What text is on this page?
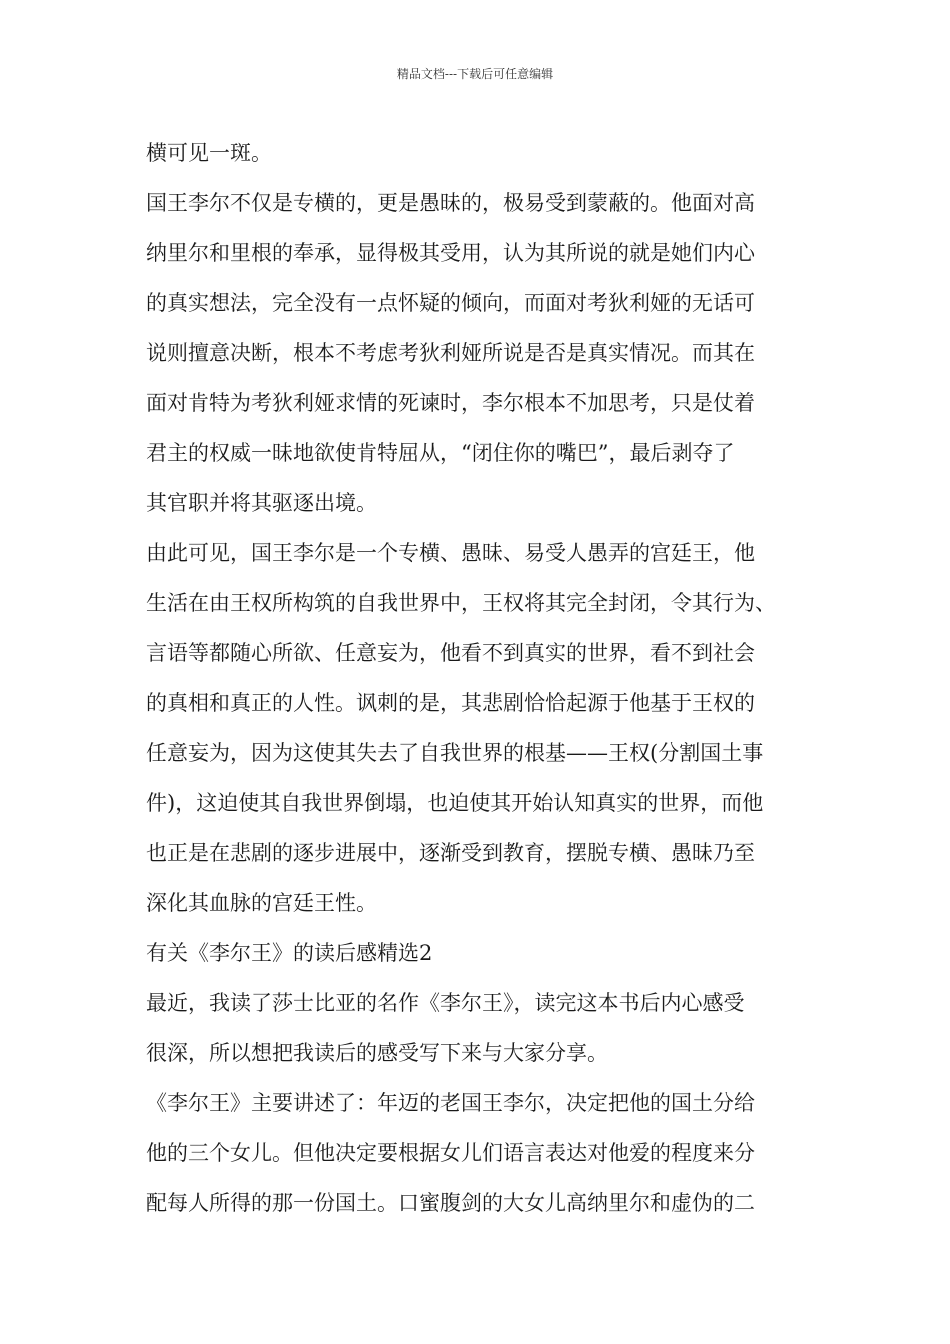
精品文档---下载后可任意编辑
横可见一斑。
国王李尔不仅是专横的，更是愚昧的，极易受到蒙蔽的。他面对高
纳里尔和里根的奉承，显得极其受用，认为其所说的就是她们内心
的真实想法，完全没有一点怀疑的倾向，而面对考狄利娅的无话可
说则擅意决断，根本不考虑考狄利娅所说是否是真实情况。而其在
面对肯特为考狄利娅求情的死谏时，李尔根本不加思考，只是仗着
君主的权威一昧地欲使肯特屈从，“闭住你的嘴巴”，最后剥夺了
其官职并将其驱逐出境。
由此可见，国王李尔是一个专横、愚昧、易受人愚弄的宫廷王，他
生活在由王权所构筑的自我世界中，王权将其完全封闭，令其行为、
言语等都随心所欲、任意妄为，他看不到真实的世界，看不到社会
的真相和真正的人性。讽刺的是，其悲剧恰恰起源于他基于王权的
任意妄为，因为这使其失去了自我世界的根基——王权(分割国土事
件)，这迫使其自我世界倒塌，也迫使其开始认知真实的世界，而他
也正是在悲剧的逐步进展中，逐渐受到教育，摆脱专横、愚昧乃至
深化其血脉的宫廷王性。
有关《李尔王》的读后感精选2
最近，我读了莎士比亚的名作《李尔王》，读完这本书后内心感受
很深，所以想把我读后的感受写下来与大家分享。
《李尔王》主要讲述了：年迈的老国王李尔，决定把他的国土分给
他的三个女儿。但他决定要根据女儿们语言表达对他爱的程度来分
配每人所得的那一份国土。口蜜腹剑的大女儿高纳里尔和虚伪的二
